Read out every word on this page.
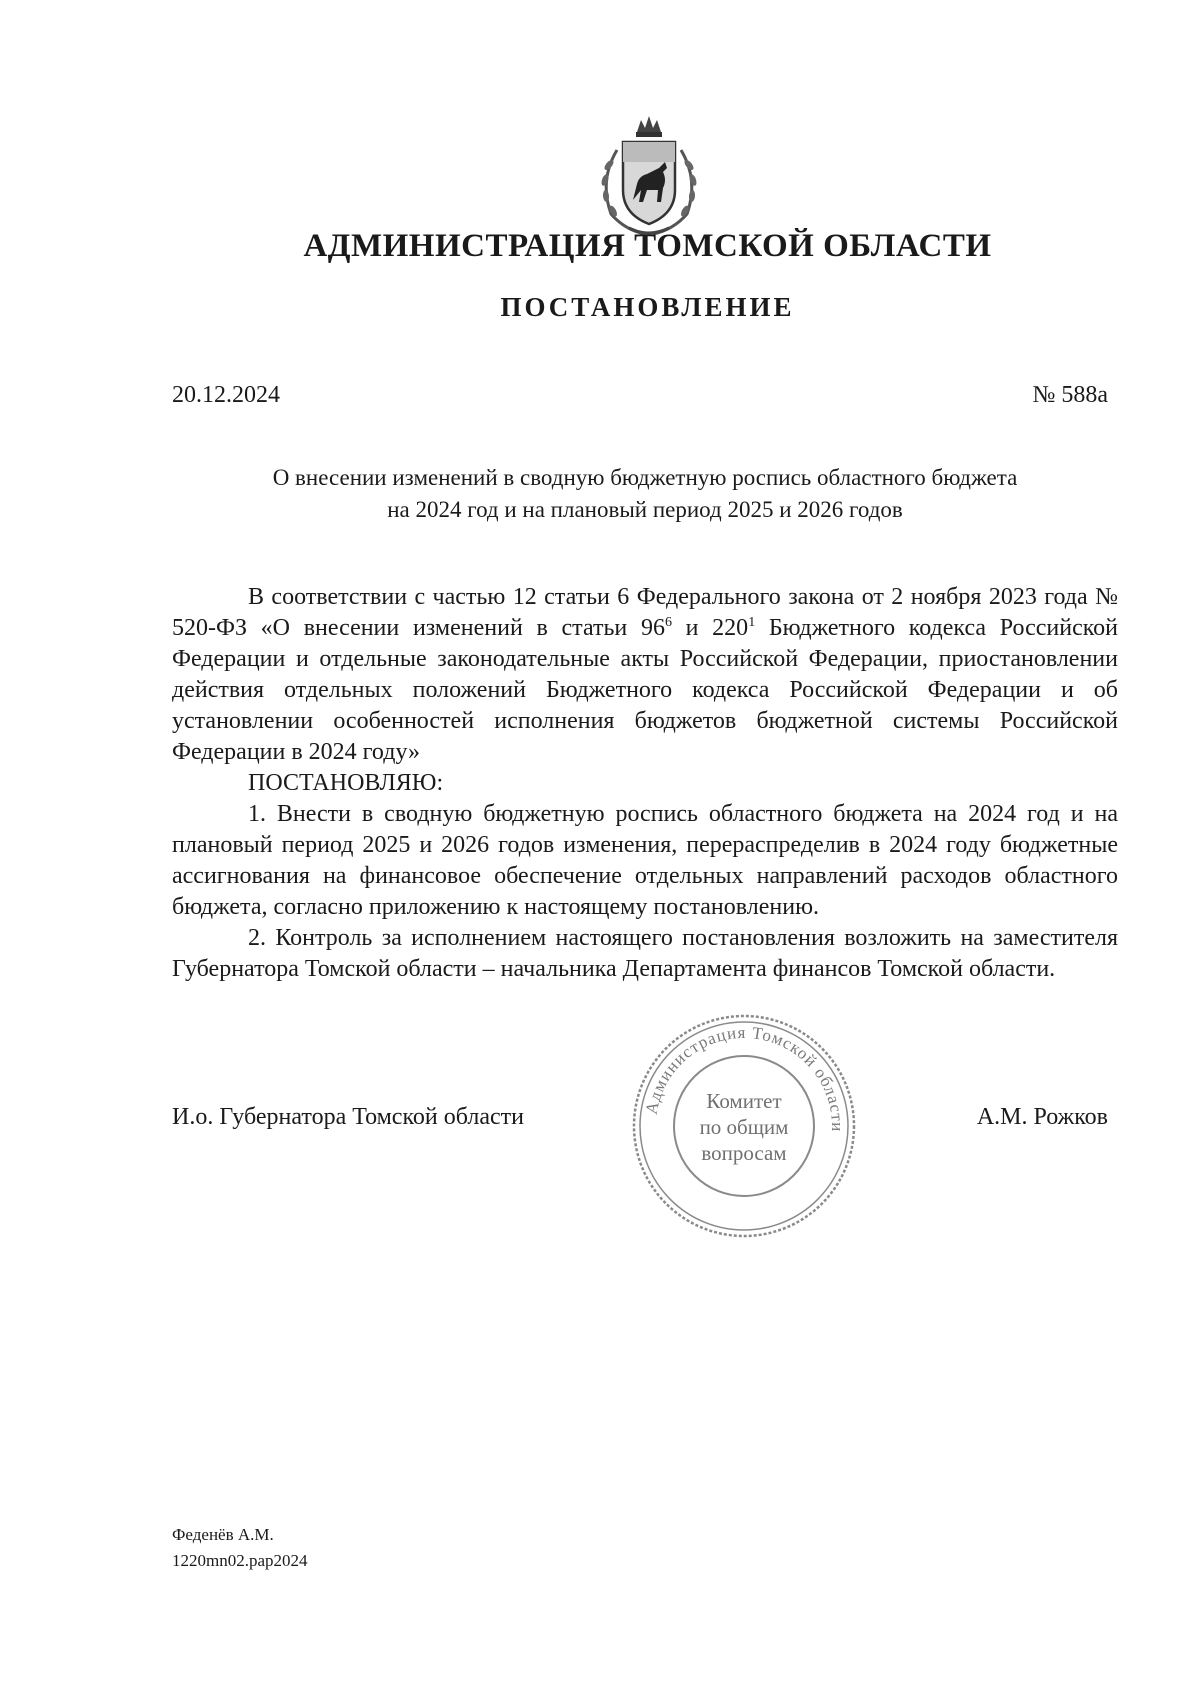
АДМИНИСТРАЦИЯ ТОМСКОЙ ОБЛАСТИ
ПОСТАНОВЛЕНИЕ
20.12.2024	№ 588а
О внесении изменений в сводную бюджетную роспись областного бюджета
на 2024 год и на плановый период 2025 и 2026 годов

В соответствии с частью 12 статьи 6 Федерального закона от 2 ноября 2023 года № 520-ФЗ «О внесении изменений в статьи $96^6$ и $220^1$ Бюджетного кодекса Российской Федерации и отдельные законодательные акты Российской Федерации, приостановлении действия отдельных положений Бюджетного кодекса Российской Федерации и об установлении особенностей исполнения бюджетов бюджетной системы Российской Федерации в 2024 году»

ПОСТАНОВЛЯЮ:

1. Внести в сводную бюджетную роспись областного бюджета на 2024 год и на плановый период 2025 и 2026 годов изменения, перераспределив в 2024 году бюджетные ассигнования на финансовое обеспечение отдельных направлений расходов областного бюджета, согласно приложению к настоящему постановлению.

2. Контроль за исполнением настоящего постановления возложить на заместителя Губернатора Томской области – начальника Департамента финансов Томской области.

И.о. Губернатора Томской области	А.М. Рожков
Администрация Томской области
Комитет
по общим
вопросам
Феденёв А.М.
1220mn02.pap2024
